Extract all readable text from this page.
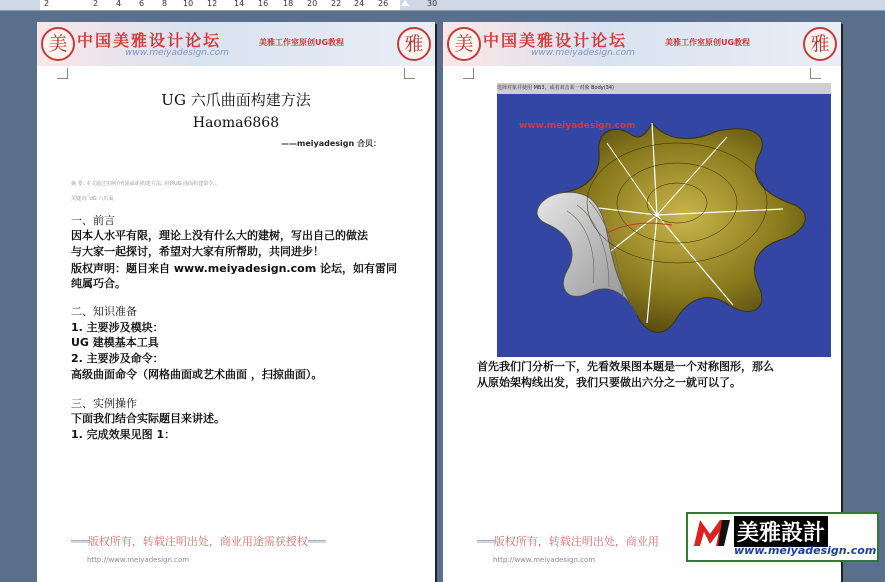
2	2 4 6 8 10 12 14 16 18 20 22 24 26	30
美 中国美雅设计论坛
www.meiyadesign.com
美雅工作室原创UG教程	雅
UG 六爪曲面构建方法
Haoma6868
——meiyadesign 合贝：
摘 要: 本文通过实例介绍曲面的构建方法, 用到UG 曲面构建命令...
关键词: UG 六爪面
一、前言
因本人水平有限，理论上没有什么大的建树，写出自己的做法
与大家一起探讨，希望对大家有所帮助，共同进步！
版权声明：题目来自 www.meiyadesign.com 论坛，如有雷同
纯属巧合。
二、知识准备
1. 主要涉及模块：
UG 建模基本工具
2. 主要涉及命令：
高级曲面命令（网格曲面或艺术曲面 ，扫掠曲面）。
三、实例操作
下面我们结合实际题目来讲述。
1. 完成效果见图 1：
═══版权所有，转载注明出处，商业用途需获授权═══
http://www.meiyadesign.com
美 中国美雅设计论坛
www.meiyadesign.com
美雅工作室原创UG教程	雅
选择对象并使用 MB3，或者双击某一对象 Body(34)
www.meiyadesign.com
首先我们门分析一下，先看效果图本题是一个对称图形，那么
从原始架构线出发，我们只要做出六分之一就可以了。
═══版权所有，转载注明出处，商业用
http://www.meiyadesign.com
美雅設計
www.meiyadesign.com
